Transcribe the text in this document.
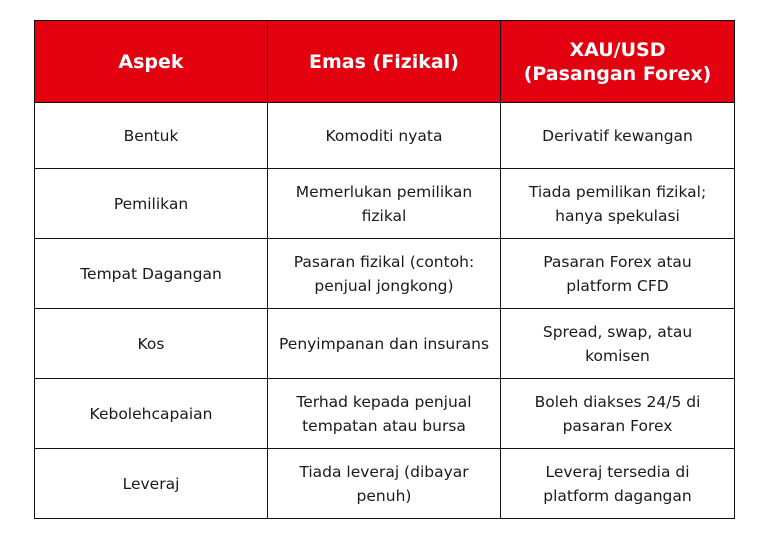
Aspek	Emas (Fizikal)	XAU/USD (Pasangan Forex)
Bentuk	Komoditi nyata	Derivatif kewangan
Pemilikan	Memerlukan pemilikan fizikal	Tiada pemilikan fizikal; hanya spekulasi
Tempat Dagangan	Pasaran fizikal (contoh: penjual jongkong)	Pasaran Forex atau platform CFD
Kos	Penyimpanan dan insurans	Spread, swap, atau komisen
Kebolehcapaian	Terhad kepada penjual tempatan atau bursa	Boleh diakses 24/5 di pasaran Forex
Leveraj	Tiada leveraj (dibayar penuh)	Leveraj tersedia di platform dagangan
